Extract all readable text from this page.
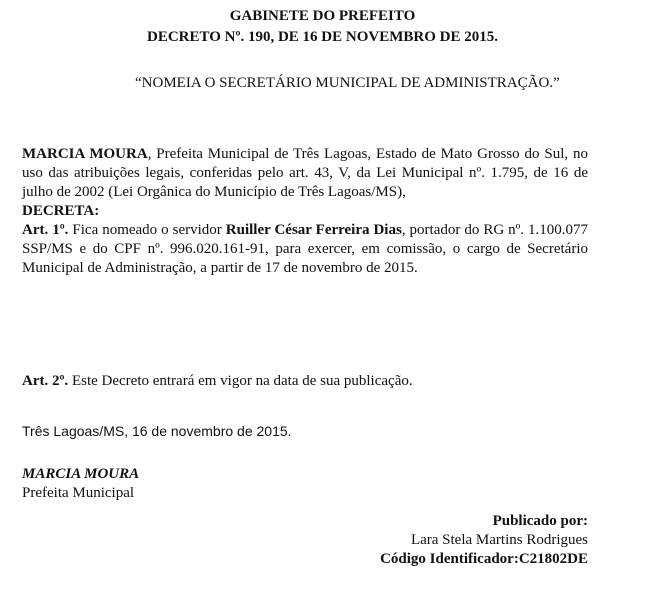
GABINETE DO PREFEITO
DECRETO Nº. 190, DE 16 DE NOVEMBRO DE 2015.
“NOMEIA O SECRETÁRIO MUNICIPAL DE ADMINISTRAÇÃO.”

MARCIA MOURA, Prefeita Municipal de Três Lagoas, Estado de Mato Grosso do Sul, no uso das atribuições legais, conferidas pelo art. 43, V, da Lei Municipal nº. 1.795, de 16 de julho de 2002 (Lei Orgânica do Município de Três Lagoas/MS),

DECRETA:

Art. 1º. Fica nomeado o servidor Ruiller César Ferreira Dias, portador do RG nº. 1.100.077 SSP/MS e do CPF nº. 996.020.161-91, para exercer, em comissão, o cargo de Secretário Municipal de Administração, a partir de 17 de novembro de 2015.

Art. 2º. Este Decreto entrará em vigor na data de sua publicação.
Três Lagoas/MS, 16 de novembro de 2015.
MARCIA MOURA
Prefeita Municipal
Publicado por:
Lara Stela Martins Rodrigues
Código Identificador:C21802DE
